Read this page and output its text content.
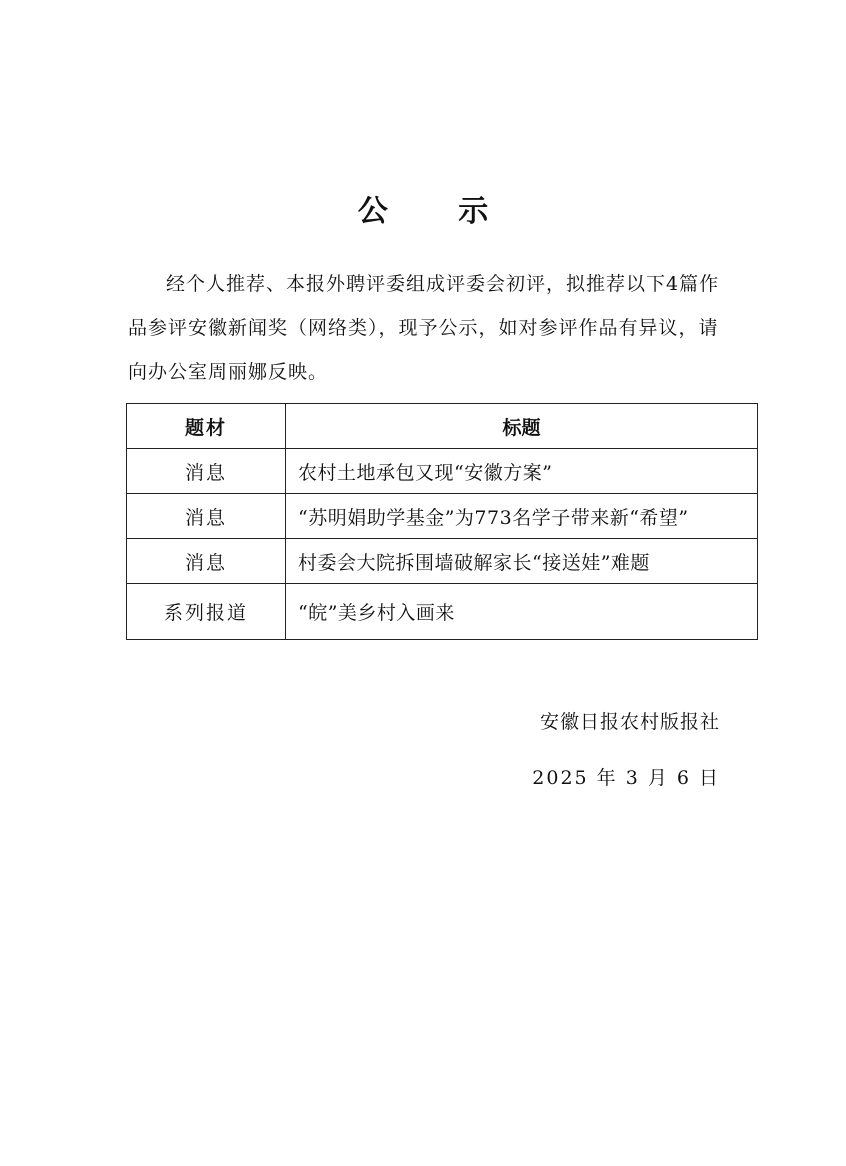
公 示
经个人推荐、本报外聘评委组成评委会初评，拟推荐以下4篇作品参评安徽新闻奖（网络类），现予公示，如对参评作品有异议，请向办公室周丽娜反映。
题材	标题
消息	农村土地承包又现“安徽方案”
消息	“苏明娟助学基金”为773名学子带来新“希望”
消息	村委会大院拆围墙破解家长“接送娃”难题
系列报道	“皖”美乡村入画来
安徽日报农村版报社
2025 年 3 月 6 日
